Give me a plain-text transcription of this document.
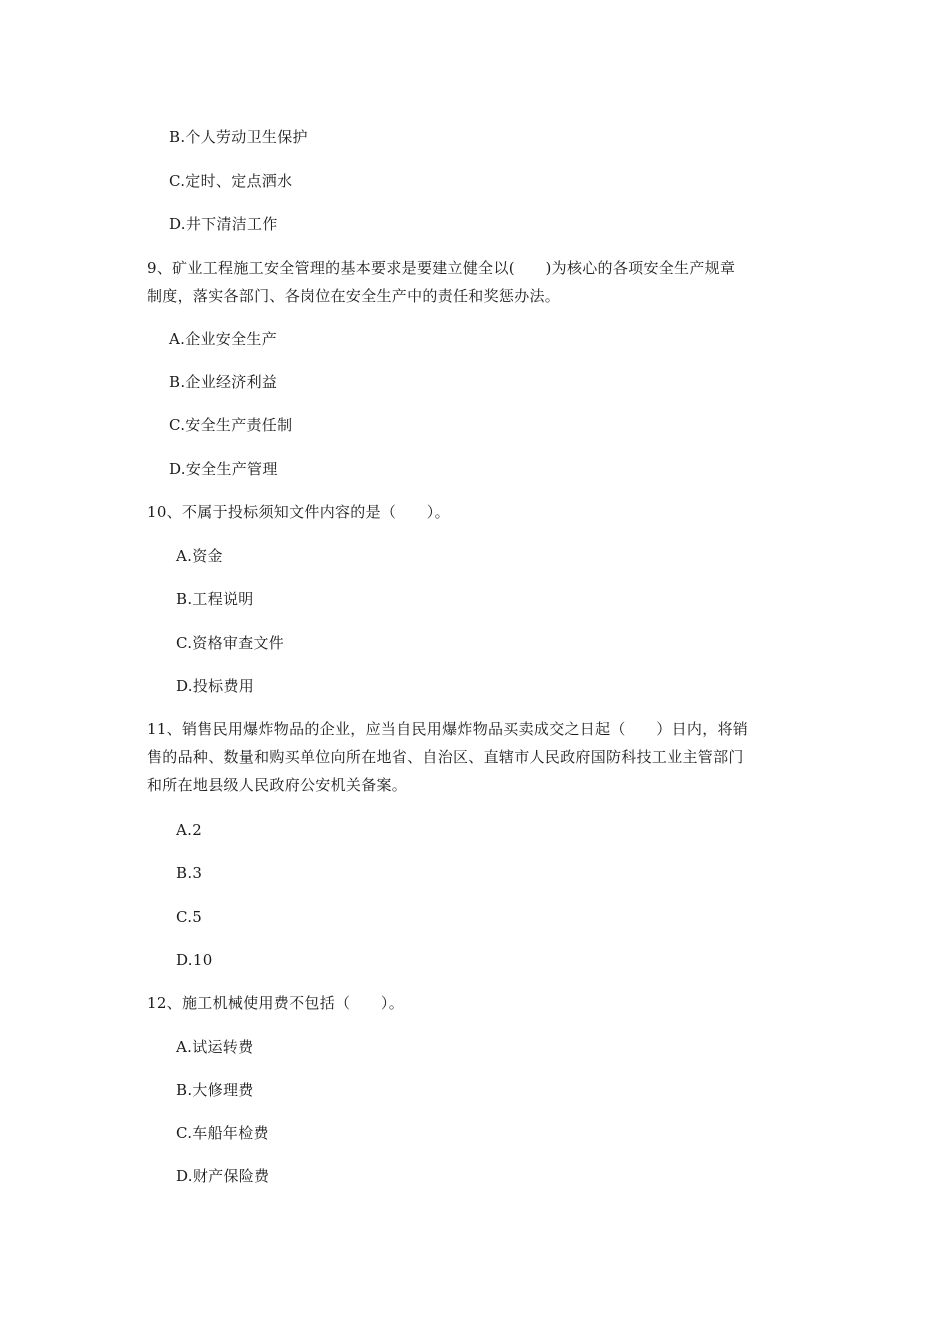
B.个人劳动卫生保护
C.定时、定点洒水
D.井下清洁工作
9、矿业工程施工安全管理的基本要求是要建立健全以(　　)为核心的各项安全生产规章
制度，落实各部门、各岗位在安全生产中的责任和奖惩办法。
A.企业安全生产
B.企业经济利益
C.安全生产责任制
D.安全生产管理
10、不属于投标须知文件内容的是（　　）。
A.资金
B.工程说明
C.资格审查文件
D.投标费用
11、销售民用爆炸物品的企业，应当自民用爆炸物品买卖成交之日起（　　）日内，将销
售的品种、数量和购买单位向所在地省、自治区、直辖市人民政府国防科技工业主管部门
和所在地县级人民政府公安机关备案。
A.2
B.3
C.5
D.10
12、施工机械使用费不包括（　　）。
A.试运转费
B.大修理费
C.车船年检费
D.财产保险费
